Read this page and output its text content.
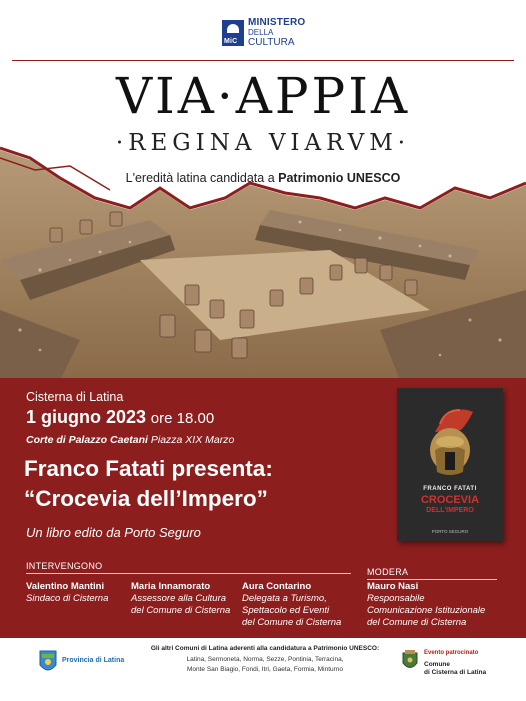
MiC
MINISTERO
DELLA
CULTURA
VIA·APPIA
·REGINA VIARVM·
L'eredità latina candidata a Patrimonio UNESCO
Cisterna di Latina
1 giugno 2023 ore 18.00
Corte di Palazzo Caetani Piazza XIX Marzo
Franco Fatati presenta:
“Crocevia dell’Impero”
Un libro edito da Porto Seguro
FRANCO FATATI
CROCEVIA
DELL'IMPERO
PORTO SEGURO
INTERVENGONO
MODERA
Valentino Mantini
Sindaco di Cisterna
Maria Innamorato
Assessore alla Cultura
del Comune di Cisterna
Aura Contarino
Delegata a Turismo,
Spettacolo ed Eventi
del Comune di Cisterna
Mauro Nasi
Responsabile
Comunicazione Istituzionale
del Comune di Cisterna
Provincia di Latina
Gli altri Comuni di Latina aderenti alla candidatura a Patrimonio UNESCO:
Latina, Sermoneta, Norma, Sezze, Pontinia, Terracina,
Monte San Biagio, Fondi, Itri, Gaeta, Formia, Minturno
Evento patrocinato
Comune
di Cisterna di Latina
